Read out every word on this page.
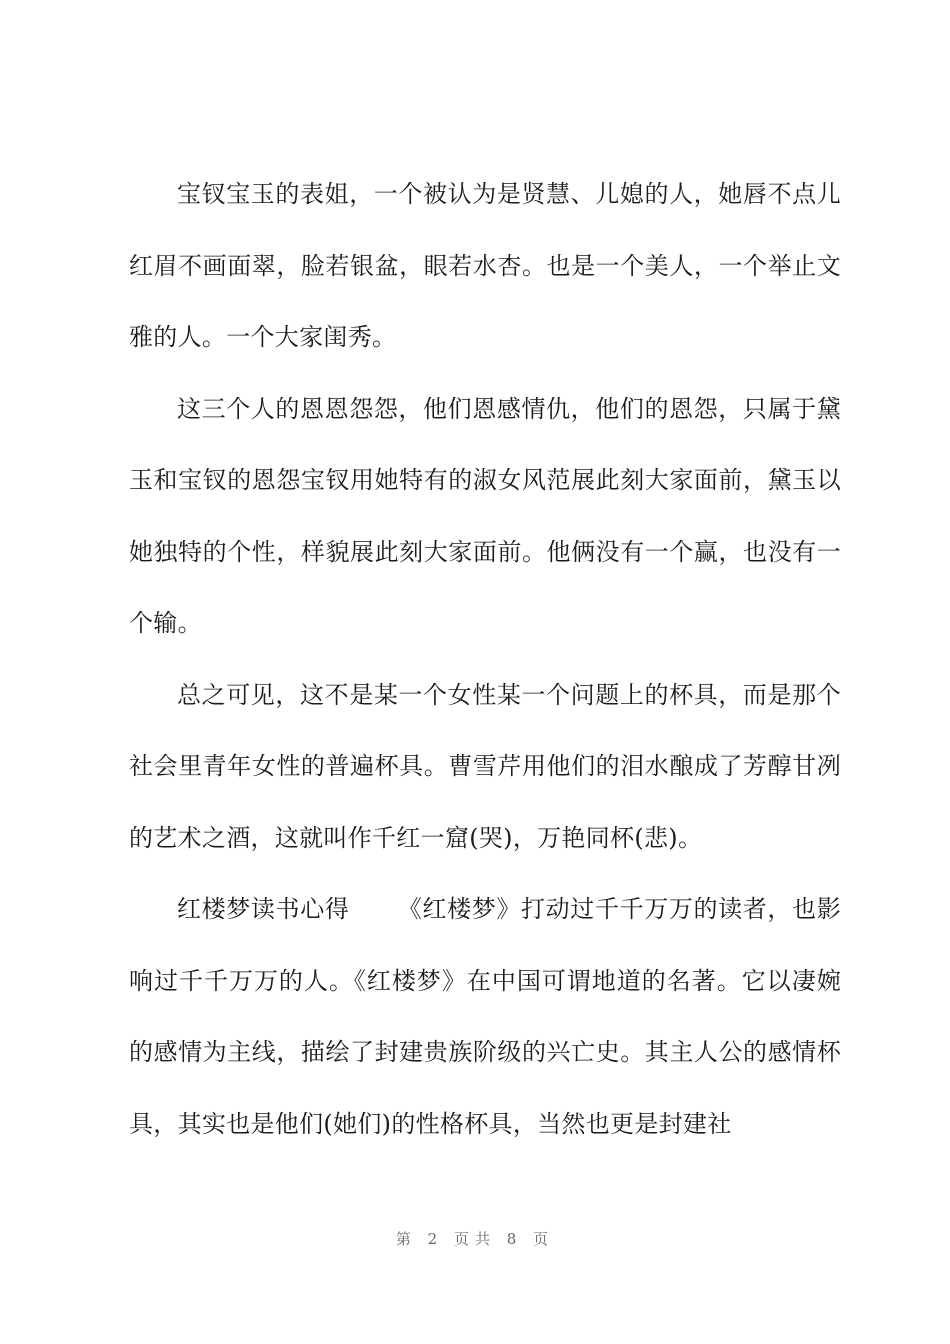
宝钗宝玉的表姐，一个被认为是贤慧、儿媳的人，她唇不点儿红眉不画面翠，脸若银盆，眼若水杏。也是一个美人，一个举止文雅的人。一个大家闺秀。

这三个人的恩恩怨怨，他们恩感情仇，他们的恩怨，只属于黛玉和宝钗的恩怨宝钗用她特有的淑女风范展此刻大家面前，黛玉以她独特的个性，样貌展此刻大家面前。他俩没有一个赢，也没有一个输。

总之可见，这不是某一个女性某一个问题上的杯具，而是那个社会里青年女性的普遍杯具。曹雪芹用他们的泪水酿成了芳醇甘冽的艺术之酒，这就叫作千红一窟(哭)，万艳同杯(悲)。

红楼梦读书心得 《红楼梦》打动过千千万万的读者，也影响过千千万万的人。《红楼梦》在中国可谓地道的名著。它以凄婉的感情为主线，描绘了封建贵族阶级的兴亡史。其主人公的感情杯具，其实也是他们(她们)的性格杯具，当然也更是封建社

第 2 页共 8 页
